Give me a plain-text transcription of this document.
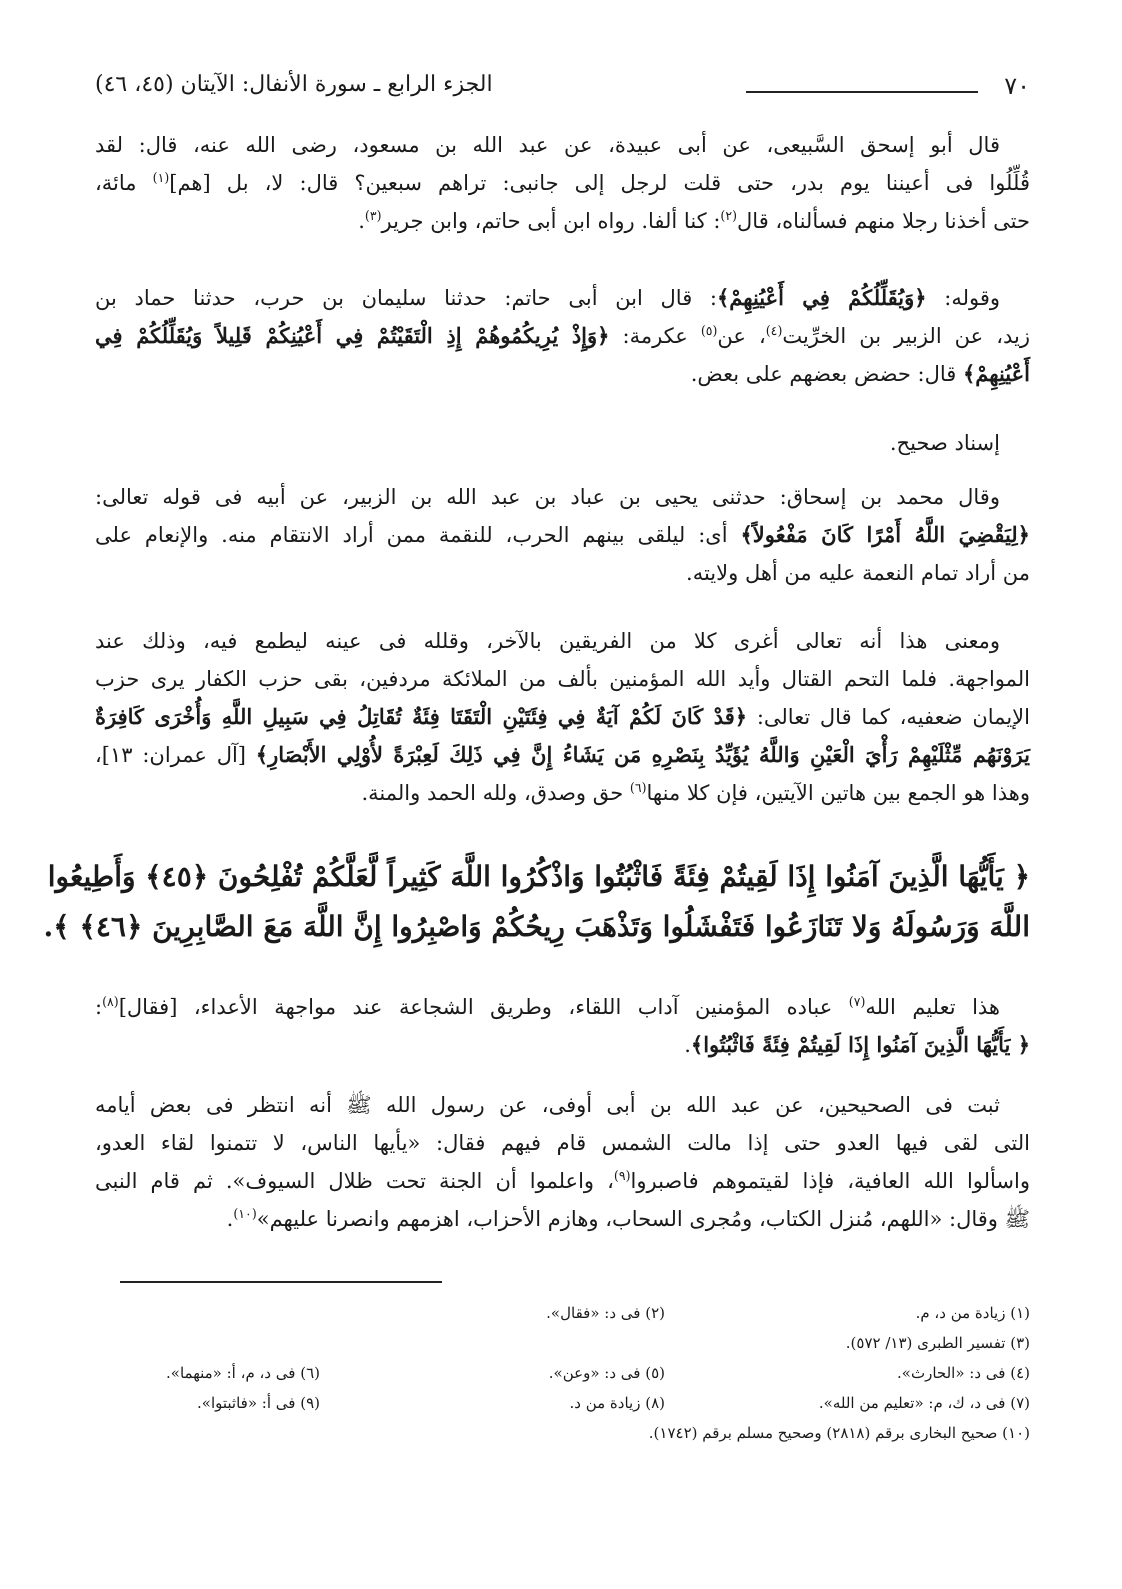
٧٠
الجزء الرابع ـ سورة الأنفال: الآيتان (٤٥، ٤٦)
قال أبو إسحق السَّبيعى، عن أبى عبيدة، عن عبد الله بن مسعود، رضى الله عنه، قال: لقد
قُلِّلُوا فى أعيننا يوم بدر، حتى قلت لرجل إلى جانبى: تراهم سبعين؟ قال: لا، بل [هم]$^{(١)}$ مائة،
حتى أخذنا رجلا منهم فسألناه، قال$^{(٢)}$: كنا ألفا. رواه ابن أبى حاتم، وابن جرير$^{(٣)}$.
وقوله: ﴿وَيُقَلِّلُكُمْ فِي أَعْيُنِهِمْ﴾: قال ابن أبى حاتم: حدثنا سليمان بن حرب، حدثنا حماد بن
زيد، عن الزبير بن الخرِّيت$^{(٤)}$، عن$^{(٥)}$ عكرمة: ﴿وَإِذْ يُرِيكُمُوهُمْ إِذِ الْتَقَيْتُمْ فِي أَعْيُنِكُمْ قَلِيلاً وَيُقَلِّلُكُمْ فِي
أَعْيُنِهِمْ﴾ قال: حضض بعضهم على بعض.
إسناد صحيح.
وقال محمد بن إسحاق: حدثنى يحيى بن عباد بن عبد الله بن الزبير، عن أبيه فى قوله تعالى:
﴿لِيَقْضِيَ اللَّهُ أَمْرًا كَانَ مَفْعُولاً﴾ أى: ليلقى بينهم الحرب، للنقمة ممن أراد الانتقام منه. والإنعام على
من أراد تمام النعمة عليه من أهل ولايته.
ومعنى هذا أنه تعالى أغرى كلا من الفريقين بالآخر، وقلله فى عينه ليطمع فيه، وذلك عند
المواجهة. فلما التحم القتال وأيد الله المؤمنين بألف من الملائكة مردفين، بقى حزب الكفار يرى حزب
الإيمان ضعفيه، كما قال تعالى: ﴿قَدْ كَانَ لَكُمْ آيَةٌ فِي فِئَتَيْنِ الْتَقَتَا فِئَةٌ تُقَاتِلُ فِي سَبِيلِ اللَّهِ وَأُخْرَى كَافِرَةٌ
يَرَوْنَهُم مِّثْلَيْهِمْ رَأْيَ الْعَيْنِ وَاللَّهُ يُؤَيِّدُ بِنَصْرِهِ مَن يَشَاءُ إِنَّ فِي ذَلِكَ لَعِبْرَةً لأُوْلِي الأَبْصَارِ﴾ [آل عمران: ١٣]،
وهذا هو الجمع بين هاتين الآيتين، فإن كلا منها$^{(٦)}$ حق وصدق، ولله الحمد والمنة.
﴿ يَأَيُّهَا الَّذِينَ آمَنُوا إِذَا لَقِيتُمْ فِئَةً فَاثْبُتُوا وَاذْكُرُوا اللَّهَ كَثِيراً لَّعَلَّكُمْ تُفْلِحُونَ ﴿٤٥﴾ وَأَطِيعُوا
اللَّهَ وَرَسُولَهُ وَلا تَنَازَعُوا فَتَفْشَلُوا وَتَذْهَبَ رِيحُكُمْ وَاصْبِرُوا إِنَّ اللَّهَ مَعَ الصَّابِرِينَ ﴿٤٦﴾ ﴾.
هذا تعليم الله$^{(٧)}$ عباده المؤمنين آداب اللقاء، وطريق الشجاعة عند مواجهة الأعداء، [فقال]$^{(٨)}$:
﴿ يَأَيُّهَا الَّذِينَ آمَنُوا إِذَا لَقِيتُمْ فِئَةً فَاثْبُتُوا﴾.
ثبت فى الصحيحين، عن عبد الله بن أبى أوفى، عن رسول الله ﷺ أنه انتظر فى بعض أيامه
التى لقى فيها العدو حتى إذا مالت الشمس قام فيهم فقال: «يأيها الناس، لا تتمنوا لقاء العدو،
واسألوا الله العافية، فإذا لقيتموهم فاصبروا$^{(٩)}$، واعلموا أن الجنة تحت ظلال السيوف». ثم قام النبى
ﷺ وقال: «اللهم، مُنزل الكتاب، ومُجرى السحاب، وهازم الأحزاب، اهزمهم وانصرنا عليهم»$^{(١٠)}$.
(١) زيادة من د، م.
(٢) فى د: «فقال».
(٣) تفسير الطبرى (١٣/ ٥٧٢).
(٤) فى د: «الحارث».
(٥) فى د: «وعن».
(٦) فى د، م، أ: «منهما».
(٧) فى د، ك، م: «تعليم من الله».
(٨) زيادة من د.
(٩) فى أ: «فاثبتوا».
(١٠) صحيح البخارى برقم (٢٨١٨) وصحيح مسلم برقم (١٧٤٢).
